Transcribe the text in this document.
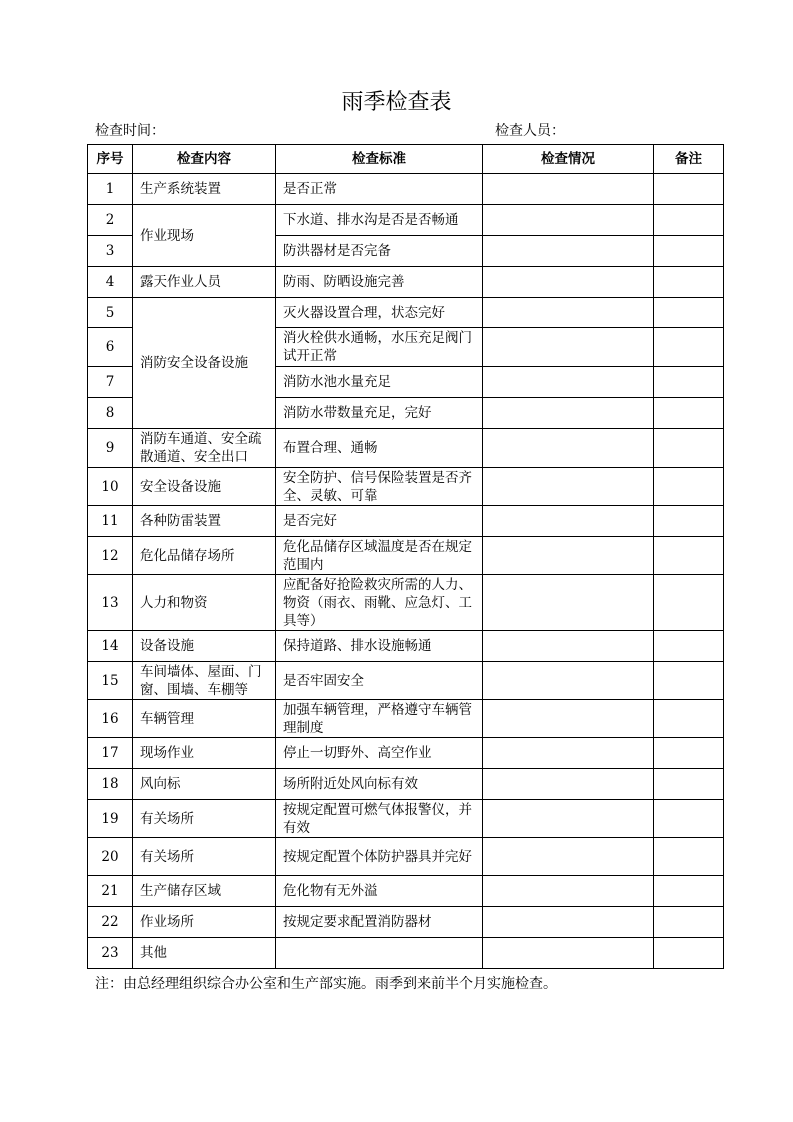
雨季检查表
检查时间：	检查人员：
序号	检查内容	检查标准	检查情况	备注
1	生产系统装置	是否正常		
2	作业现场	下水道、排水沟是否是否畅通		
3		防洪器材是否完备		
4	露天作业人员	防雨、防晒设施完善		
5	消防安全设备设施	灭火器设置合理，状态完好		
6		消火栓供水通畅，水压充足阀门试开正常		
7		消防水池水量充足		
8		消防水带数量充足，完好		
9	消防车通道、安全疏散通道、安全出口	布置合理、通畅		
10	安全设备设施	安全防护、信号保险装置是否齐全、灵敏、可靠		
11	各种防雷装置	是否完好		
12	危化品储存场所	危化品储存区域温度是否在规定范围内		
13	人力和物资	应配备好抢险救灾所需的人力、物资（雨衣、雨靴、应急灯、工具等）		
14	设备设施	保持道路、排水设施畅通		
15	车间墙体、屋面、门窗、围墙、车棚等	是否牢固安全		
16	车辆管理	加强车辆管理，严格遵守车辆管理制度		
17	现场作业	停止一切野外、高空作业		
18	风向标	场所附近处风向标有效		
19	有关场所	按规定配置可燃气体报警仪，并有效		
20	有关场所	按规定配置个体防护器具并完好		
21	生产储存区域	危化物有无外溢		
22	作业场所	按规定要求配置消防器材		
23	其他			
注：由总经理组织综合办公室和生产部实施。雨季到来前半个月实施检查。
